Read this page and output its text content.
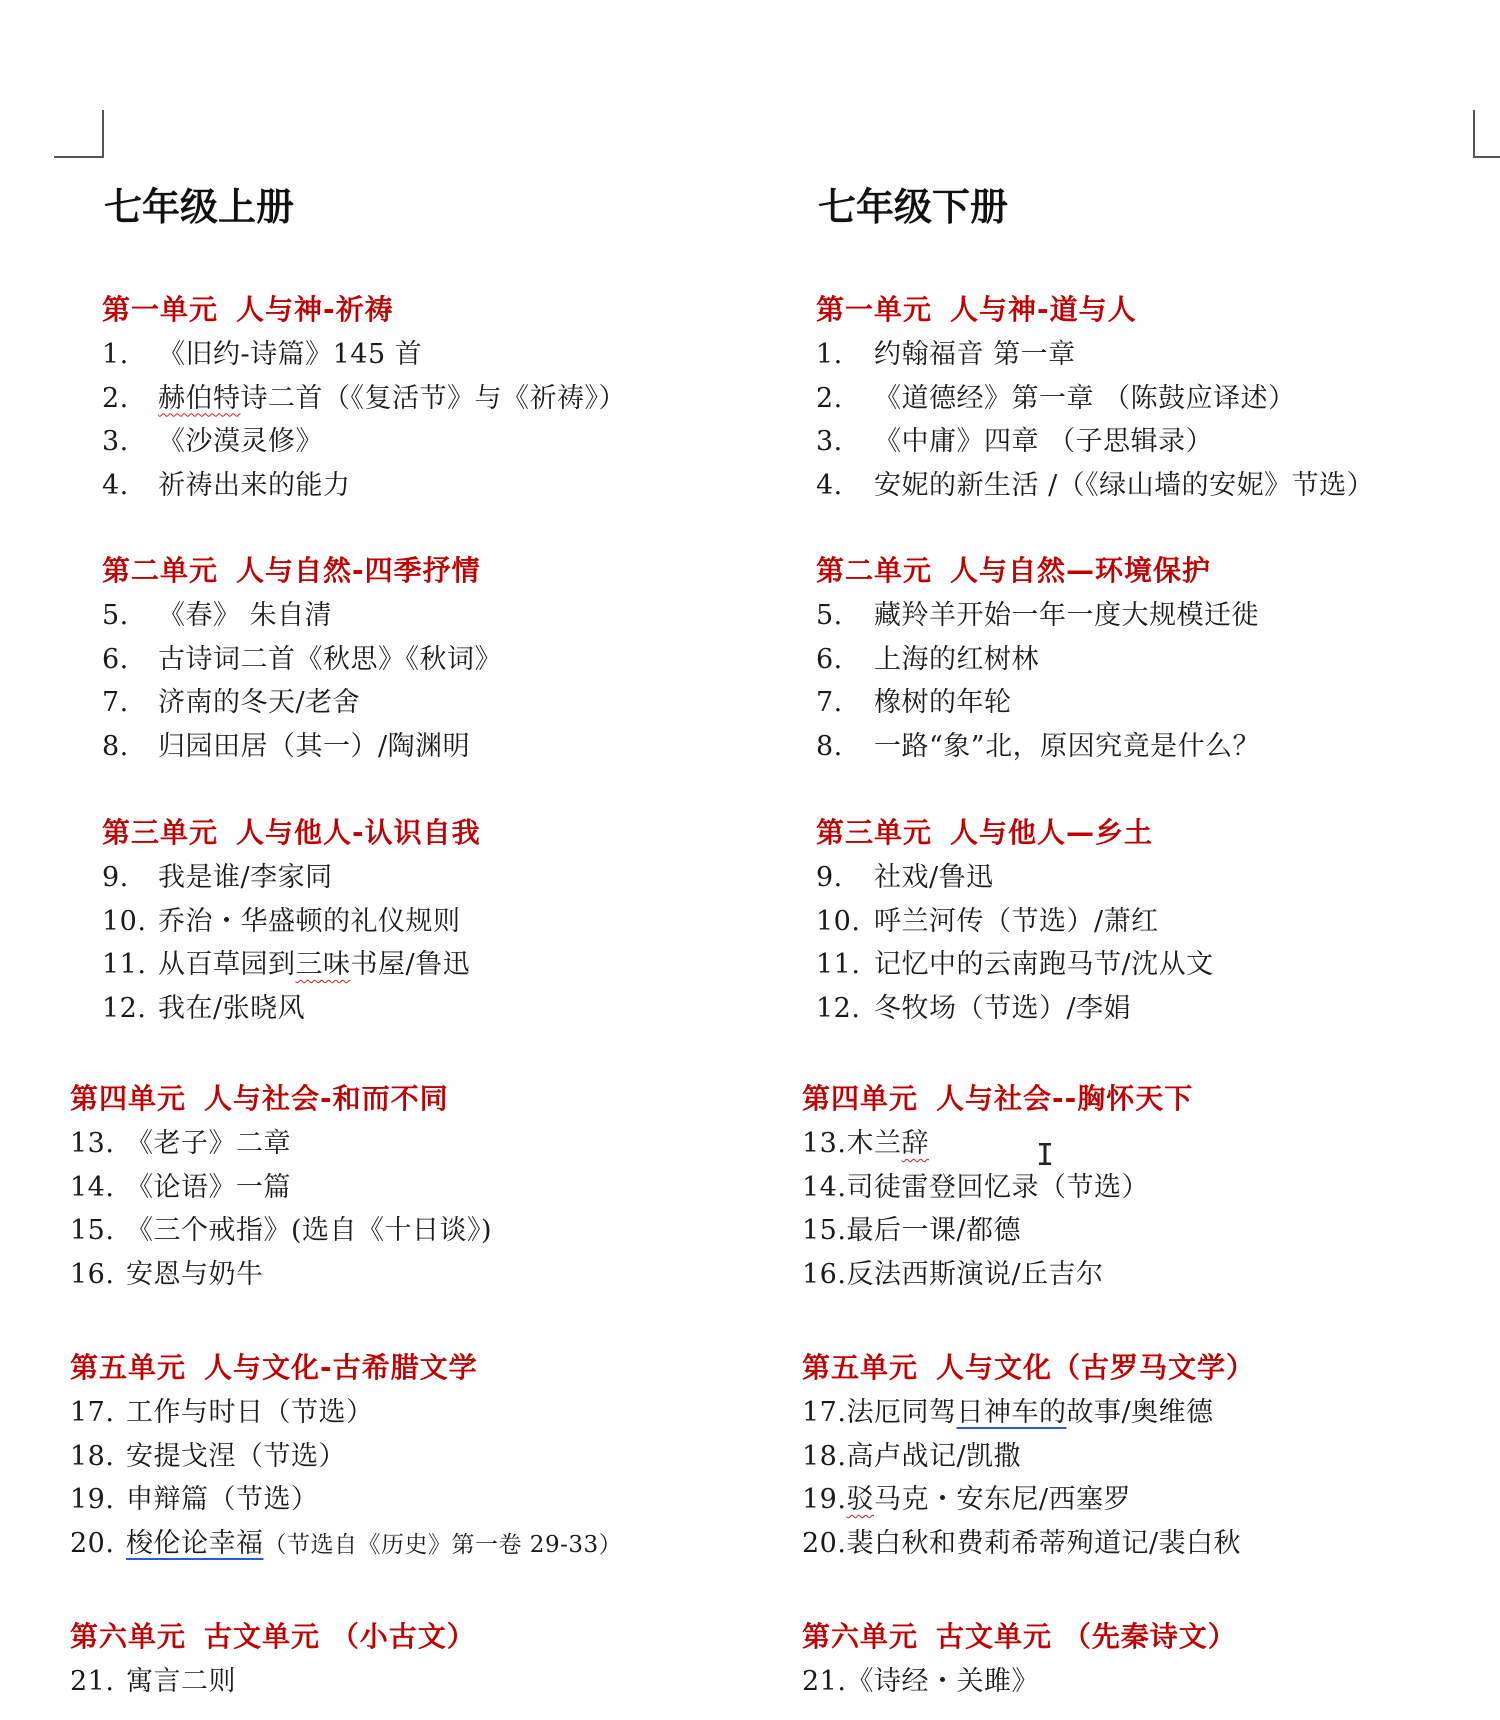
七年级上册
第一单元 人与神-祈祷
1. 《旧约-诗篇》145 首
2. 赫伯特诗二首（《复活节》与《祈祷》）
3. 《沙漠灵修》
4. 祈祷出来的能力
第二单元 人与自然-四季抒情
5. 《春》 朱自清
6. 古诗词二首《秋思》《秋词》
7. 济南的冬天/老舍
8. 归园田居（其一）/陶渊明
第三单元 人与他人-认识自我
9. 我是谁/李家同
10. 乔治・华盛顿的礼仪规则
11. 从百草园到三味书屋/鲁迅
12. 我在/张晓风
第四单元 人与社会-和而不同
13. 《老子》二章
14. 《论语》一篇
15. 《三个戒指》(选自《十日谈》)
16. 安恩与奶牛
第五单元 人与文化-古希腊文学
17. 工作与时日（节选）
18. 安提戈涅（节选）
19. 申辩篇（节选）
20. 梭伦论幸福（节选自《历史》第一卷 29-33）
第六单元 古文单元 （小古文）
21. 寓言二则
七年级下册
第一单元 人与神-道与人
1. 约翰福音 第一章
2. 《道德经》第一章 （陈鼓应译述）
3. 《中庸》四章 （子思辑录）
4. 安妮的新生活 /（《绿山墙的安妮》节选）
第二单元 人与自然—环境保护
5. 藏羚羊开始一年一度大规模迁徙
6. 上海的红树林
7. 橡树的年轮
8. 一路“象”北，原因究竟是什么？
第三单元 人与他人—乡土
9. 社戏/鲁迅
10. 呼兰河传（节选）/萧红
11. 记忆中的云南跑马节/沈从文
12. 冬牧场（节选）/李娟
第四单元 人与社会--胸怀天下
13.木兰辞
14.司徒雷登回忆录（节选）
15.最后一课/都德
16.反法西斯演说/丘吉尔
第五单元 人与文化（古罗马文学）
17.法厄同驾日神车的故事/奥维德
18.高卢战记/凯撒
19.驳马克・安东尼/西塞罗
20.裴白秋和费莉希蒂殉道记/裴白秋
第六单元 古文单元 （先秦诗文）
21.《诗经・关雎》
I
